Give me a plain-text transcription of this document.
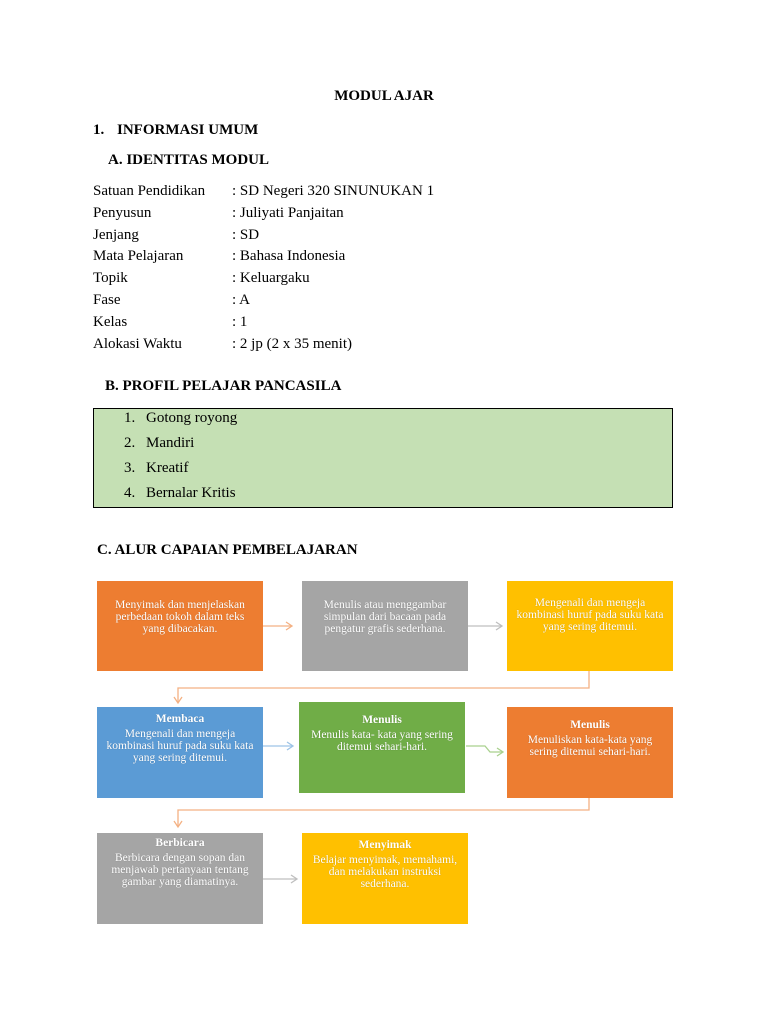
MODUL AJAR
1. INFORMASI UMUM
A. IDENTITAS MODUL
Satuan Pendidikan	: SD Negeri 320 SINUNUKAN 1
Penyusun	: Juliyati Panjaitan
Jenjang	: SD
Mata Pelajaran	: Bahasa Indonesia
Topik	: Keluargaku
Fase	: A
Kelas	: 1
Alokasi Waktu	: 2 jp (2 x 35 menit)
B. PROFIL PELAJAR PANCASILA
1. Gotong royong
2. Mandiri
3. Kreatif
4. Bernalar Kritis
C. ALUR CAPAIAN PEMBELAJARAN
Menyimak dan menjelaskan perbedaan tokoh dalam teks yang dibacakan.
Menulis atau menggambar simpulan dari bacaan pada pengatur grafis sederhana.
Mengenali dan mengeja kombinasi huruf pada suku kata yang sering ditemui.
Membaca
Mengenali dan mengeja kombinasi huruf pada suku kata yang sering ditemui.
Menulis
Menulis kata- kata yang sering ditemui sehari-hari.
Menulis
Menuliskan kata-kata yang sering ditemui sehari-hari.
Berbicara
Berbicara dengan sopan dan menjawab pertanyaan tentang gambar yang diamatinya.
Menyimak
Belajar menyimak, memahami, dan melakukan instruksi sederhana.
